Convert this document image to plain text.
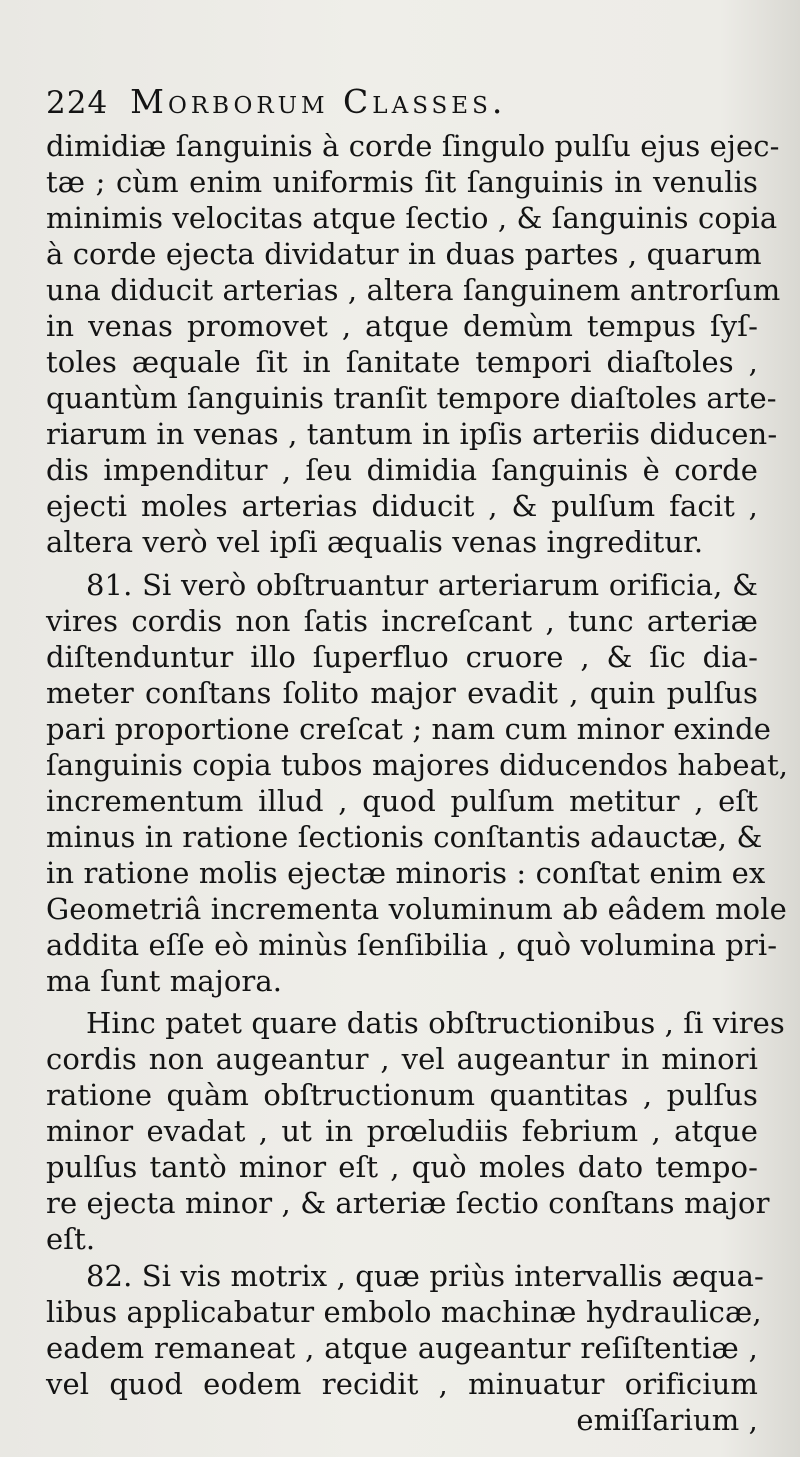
224 Morborum Classes.
dimidiæ ſanguinis à corde ſingulo pulſu ejus ejec-
tæ ; cùm enim uniformis ſit ſanguinis in venulis
minimis velocitas atque ſectio , & ſanguinis copia
à corde ejecta dividatur in duas partes , quarum
una diducit arterias , altera ſanguinem antrorſum
in venas promovet , atque demùm tempus ſyſ-
toles æquale ſit in ſanitate tempori diaſtoles ,
quantùm ſanguinis tranſit tempore diaſtoles arte-
riarum in venas , tantum in ipſis arteriis diducen-
dis impenditur , ſeu dimidia ſanguinis è corde
ejecti moles arterias diducit , & pulſum facit ,
altera verò vel ipſi æqualis venas ingreditur.
81. Si verò obſtruantur arteriarum orificia, &
vires cordis non ſatis increſcant , tunc arteriæ
diſtenduntur illo ſuperfluo cruore , & ſic dia-
meter conſtans ſolito major evadit , quin pulſus
pari proportione creſcat ; nam cum minor exinde
ſanguinis copia tubos majores diducendos habeat,
incrementum illud , quod pulſum metitur , eſt
minus in ratione ſectionis conſtantis adauctæ, &
in ratione molis ejectæ minoris : conſtat enim ex
Geometriâ incrementa voluminum ab eâdem mole
addita eſſe eò minùs ſenſibilia , quò volumina pri-
ma ſunt majora.
Hinc patet quare datis obſtructionibus , ſi vires
cordis non augeantur , vel augeantur in minori
ratione quàm obſtructionum quantitas , pulſus
minor evadat , ut in prœludiis febrium , atque
pulſus tantò minor eſt , quò moles dato tempo-
re ejecta minor , & arteriæ ſectio conſtans major
eſt.
82. Si vis motrix , quæ priùs intervallis æqua-
libus applicabatur embolo machinæ hydraulicæ,
eadem remaneat , atque augeantur reſiſtentiæ ,
vel quod eodem recidit , minuatur orificium
emiſſarium ,
